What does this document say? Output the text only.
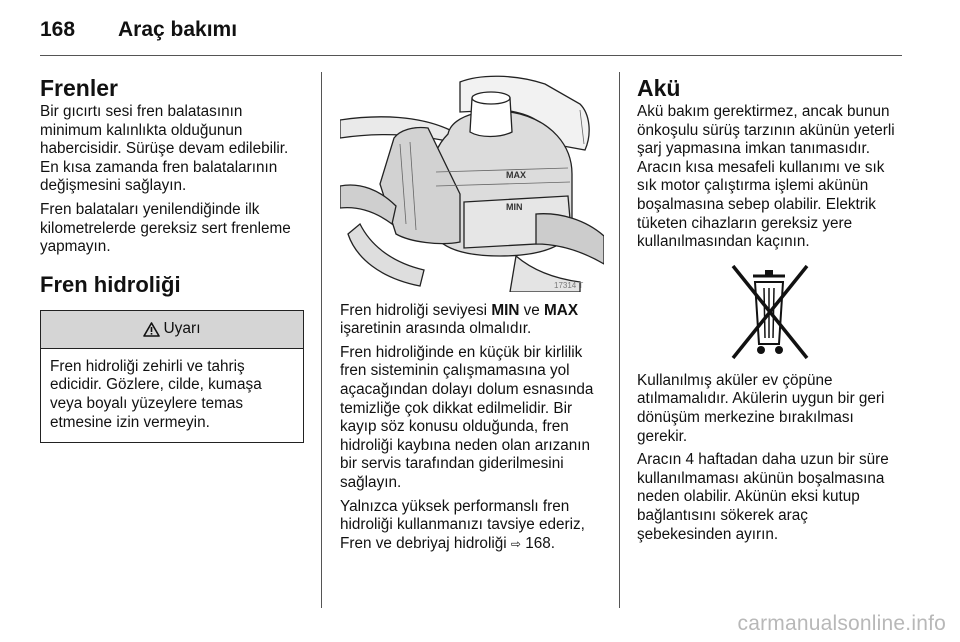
168	Araç bakımı
Frenler

Bir gıcırtı sesi fren balatasının minimum kalınlıkta olduğunun habercisidir. Sürüşe devam edilebilir. En kısa zamanda fren balatalarının değişmesini sağlayın.

Fren balataları yenilendiğinde ilk kilometrelerde gereksiz sert frenleme yapmayın.

Fren hidroliği
Uyarı
Fren hidroliği zehirli ve tahriş edicidir. Gözlere, cilde, kumaşa veya boyalı yüzeylere temas etmesine izin vermeyin.
MAX
MIN
17314 T

Fren hidroliği seviyesi MIN ve MAX işaretinin arasında olmalıdır.

Fren hidroliğinde en küçük bir kirlilik fren sisteminin çalışmamasına yol açacağından dolayı dolum esnasında temizliğe çok dikkat edilmelidir. Bir kayıp söz konusu olduğunda, fren hidroliği kaybına neden olan arızanın bir servis tarafından giderilmesini sağlayın.

Yalnızca yüksek performanslı fren hidroliği kullanmanızı tavsiye ederiz, Fren ve debriyaj hidroliği ⇨ 168.

Akü

Akü bakım gerektirmez, ancak bunun önkoşulu sürüş tarzının akünün yeterli şarj yapmasına imkan tanımasıdır. Aracın kısa mesafeli kullanımı ve sık sık motor çalıştırma işlemi akünün boşalmasına sebep olabilir. Elektrik tüketen cihazların gereksiz yere kullanılmasından kaçının.

Kullanılmış aküler ev çöpüne atılmamalıdır. Akülerin uygun bir geri dönüşüm merkezine bırakılması gerekir.

Aracın 4 haftadan daha uzun bir süre kullanılmaması akünün boşalmasına neden olabilir. Akünün eksi kutup bağlantısını sökerek araç şebekesinden ayırın.

carmanualsonline.info
